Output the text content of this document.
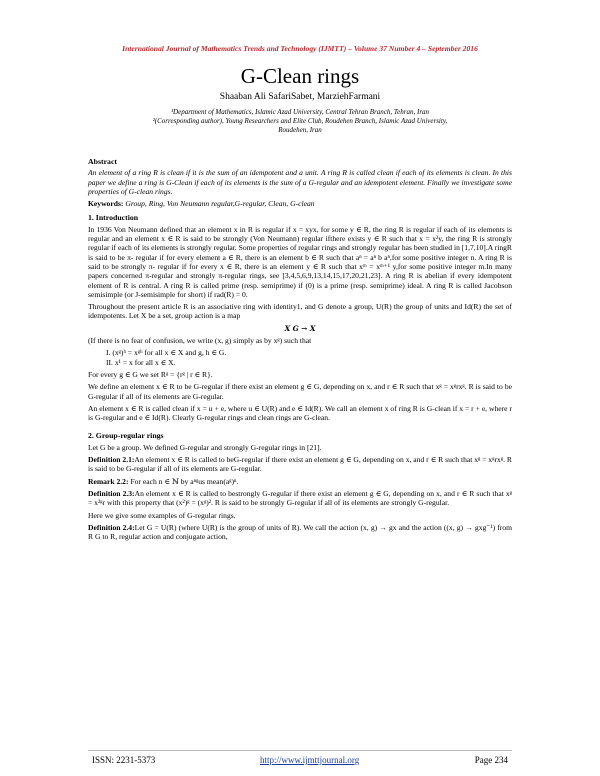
International Journal of Mathematics Trends and Technology (IJMTT) – Volume 37 Number 4 – September 2016
G-Clean rings
Shaaban Ali SafariSabet, MarziehFarmani
¹Department of Mathematics, Islamic Azad University, Central Tehran Branch, Tehran, Iran
²(Corresponding author), Young Researchers and Elite Club, Roudehen Branch, Islamic Azad University, Roudehen, Iran
Abstract

An element of a ring R is clean if it is the sum of an idempotent and a unit. A ring R is called clean if each of its elements is clean. In this paper we define a ring is G-Clean if each of its elements is the sum of a G-regular and an idempotent element. Finally we investigate some properties of G-clean rings.

Keywords: Group, Ring, Von Neumann regular,G-regular, Clean, G-clean

1. Introduction

In 1936 Von Neumann defined that an element x in R is regular if x = xyx, for some y ∈ R, the ring R is regular if each of its elements is regular and an element x ∈ R is said to be strongly (Von Neumann) regular ifthere exists y ∈ R such that x = x²y, the ring R is strongly regular if each of its elements is strongly regular. Some properties of regular rings and strongly regular has been studied in [1,7,10].A ringR is said to be π- regular if for every element a ∈ R, there is an element b ∈ R such that aⁿ = aⁿ b aⁿ,for some positive integer n. A ring R is said to be strongly π- regular if for every x ∈ R, there is an element y ∈ R such that xᵐ = xᵐ⁺¹ y,for some positive integer m.In many papers concerned π-regular and strongly π-regular rings, see [3,4,5,6,9,13,14,15,17,20,21,23]. A ring R is abelian if every idempotent element of R is central. A ring R is called prime (resp. semiprime) if (0) is a prime (resp. semiprime) ideal. A ring R is called Jacobson semisimple (or J-semisimple for short) if rad(R) = 0.

Throughout the present article R is an associative ring with identity1, and G denote a group, U(R) the group of units and Id(R) the set of idempotents. Let X be a set, group action is a map

X G → X

(If there is no fear of confusion, we write (x, g) simply as by xᵍ) such that

I. (xᵍ)ʰ = xᵍʰ for all x ∈ X and g, h ∈ G.
II. x¹ = x for all x ∈ X.

For every g ∈ G we set Rᵍ = {rᵍ | r ∈ R}.

We define an element x ∈ R to be G-regular if there exist an element g ∈ G, depending on x, and r ∈ R such that xᵍ = xᵍrxᵍ. R is said to be G-regular if all of its elements are G-regular.

An element x ∈ R is called clean if x = u + e, where u ∈ U(R) and e ∈ Id(R). We call an element x of ring R is G-clean if x = r + e, where r is G-regular and e ∈ Id(R). Clearly G-regular rings and clean rings are G-clean.

2. Group-regular rings

Let G be a group. We defined G-regular and strongly G-regular rings in [21].

Definition 2.1:An element x ∈ R is called to beG-regular if there exist an element g ∈ G, depending on x, and r ∈ R such that xᵍ = xᵍrxᵍ. R is said to be G-regular if all of its elements are G-regular.

Remark 2.2: For each n ∈ ℕ by aⁿᵍus mean(aᵍ)ⁿ.

Definition 2.3:An element x ∈ R is called to bestrongly G-regular if there exist an element g ∈ G, depending on x, and r ∈ R such that xᵍ = x²ᵍr with this property that (x²)ᵍ = (xᵍ)². R is said to be strongly G-regular if all of its elements are strongly G-regular.

Here we give some examples of G-regular rings.

Definition 2.4:Let G = U(R) (where U(R) is the group of units of R). We call the action (x, g) → gx and the action ((x, g) → gxg⁻¹) from R G to R, regular action and conjugate action,

ISSN: 2231-5373	http://www.ijmttjournal.org	Page 234
